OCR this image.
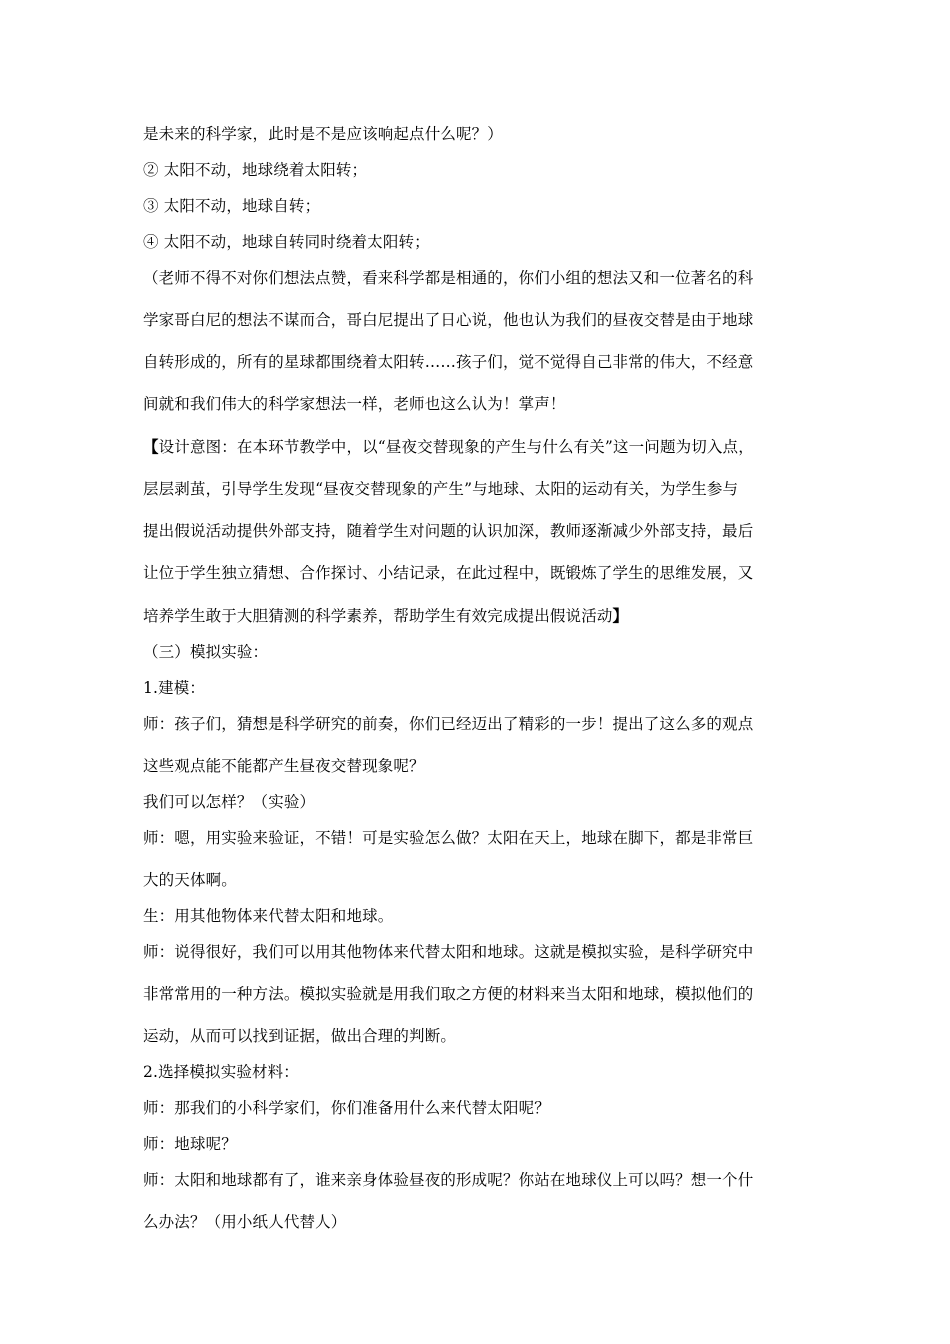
是未来的科学家，此时是不是应该响起点什么呢？）
② 太阳不动，地球绕着太阳转；
③ 太阳不动，地球自转；
④ 太阳不动，地球自转同时绕着太阳转；
（老师不得不对你们想法点赞，看来科学都是相通的，你们小组的想法又和一位著名的科
学家哥白尼的想法不谋而合，哥白尼提出了日心说，他也认为我们的昼夜交替是由于地球
自转形成的，所有的星球都围绕着太阳转……孩子们，觉不觉得自己非常的伟大，不经意
间就和我们伟大的科学家想法一样，老师也这么认为！掌声！
【设计意图：在本环节教学中，以“昼夜交替现象的产生与什么有关”这一问题为切入点，
层层剥茧，引导学生发现“昼夜交替现象的产生”与地球、太阳的运动有关，为学生参与
提出假说活动提供外部支持，随着学生对问题的认识加深，教师逐渐减少外部支持，最后
让位于学生独立猜想、合作探讨、小结记录，在此过程中，既锻炼了学生的思维发展，又
培养学生敢于大胆猜测的科学素养，帮助学生有效完成提出假说活动】
（三）模拟实验：
1.建模：
师：孩子们，猜想是科学研究的前奏，你们已经迈出了精彩的一步！提出了这么多的观点
这些观点能不能都产生昼夜交替现象呢？
我们可以怎样？（实验）
师：嗯，用实验来验证，不错！可是实验怎么做？太阳在天上，地球在脚下，都是非常巨
大的天体啊。
生：用其他物体来代替太阳和地球。
师：说得很好，我们可以用其他物体来代替太阳和地球。这就是模拟实验，是科学研究中
非常常用的一种方法。模拟实验就是用我们取之方便的材料来当太阳和地球，模拟他们的
运动，从而可以找到证据，做出合理的判断。
2.选择模拟实验材料：
师：那我们的小科学家们，你们准备用什么来代替太阳呢？
师：地球呢？
师：太阳和地球都有了，谁来亲身体验昼夜的形成呢？你站在地球仪上可以吗？想一个什
么办法？（用小纸人代替人）
